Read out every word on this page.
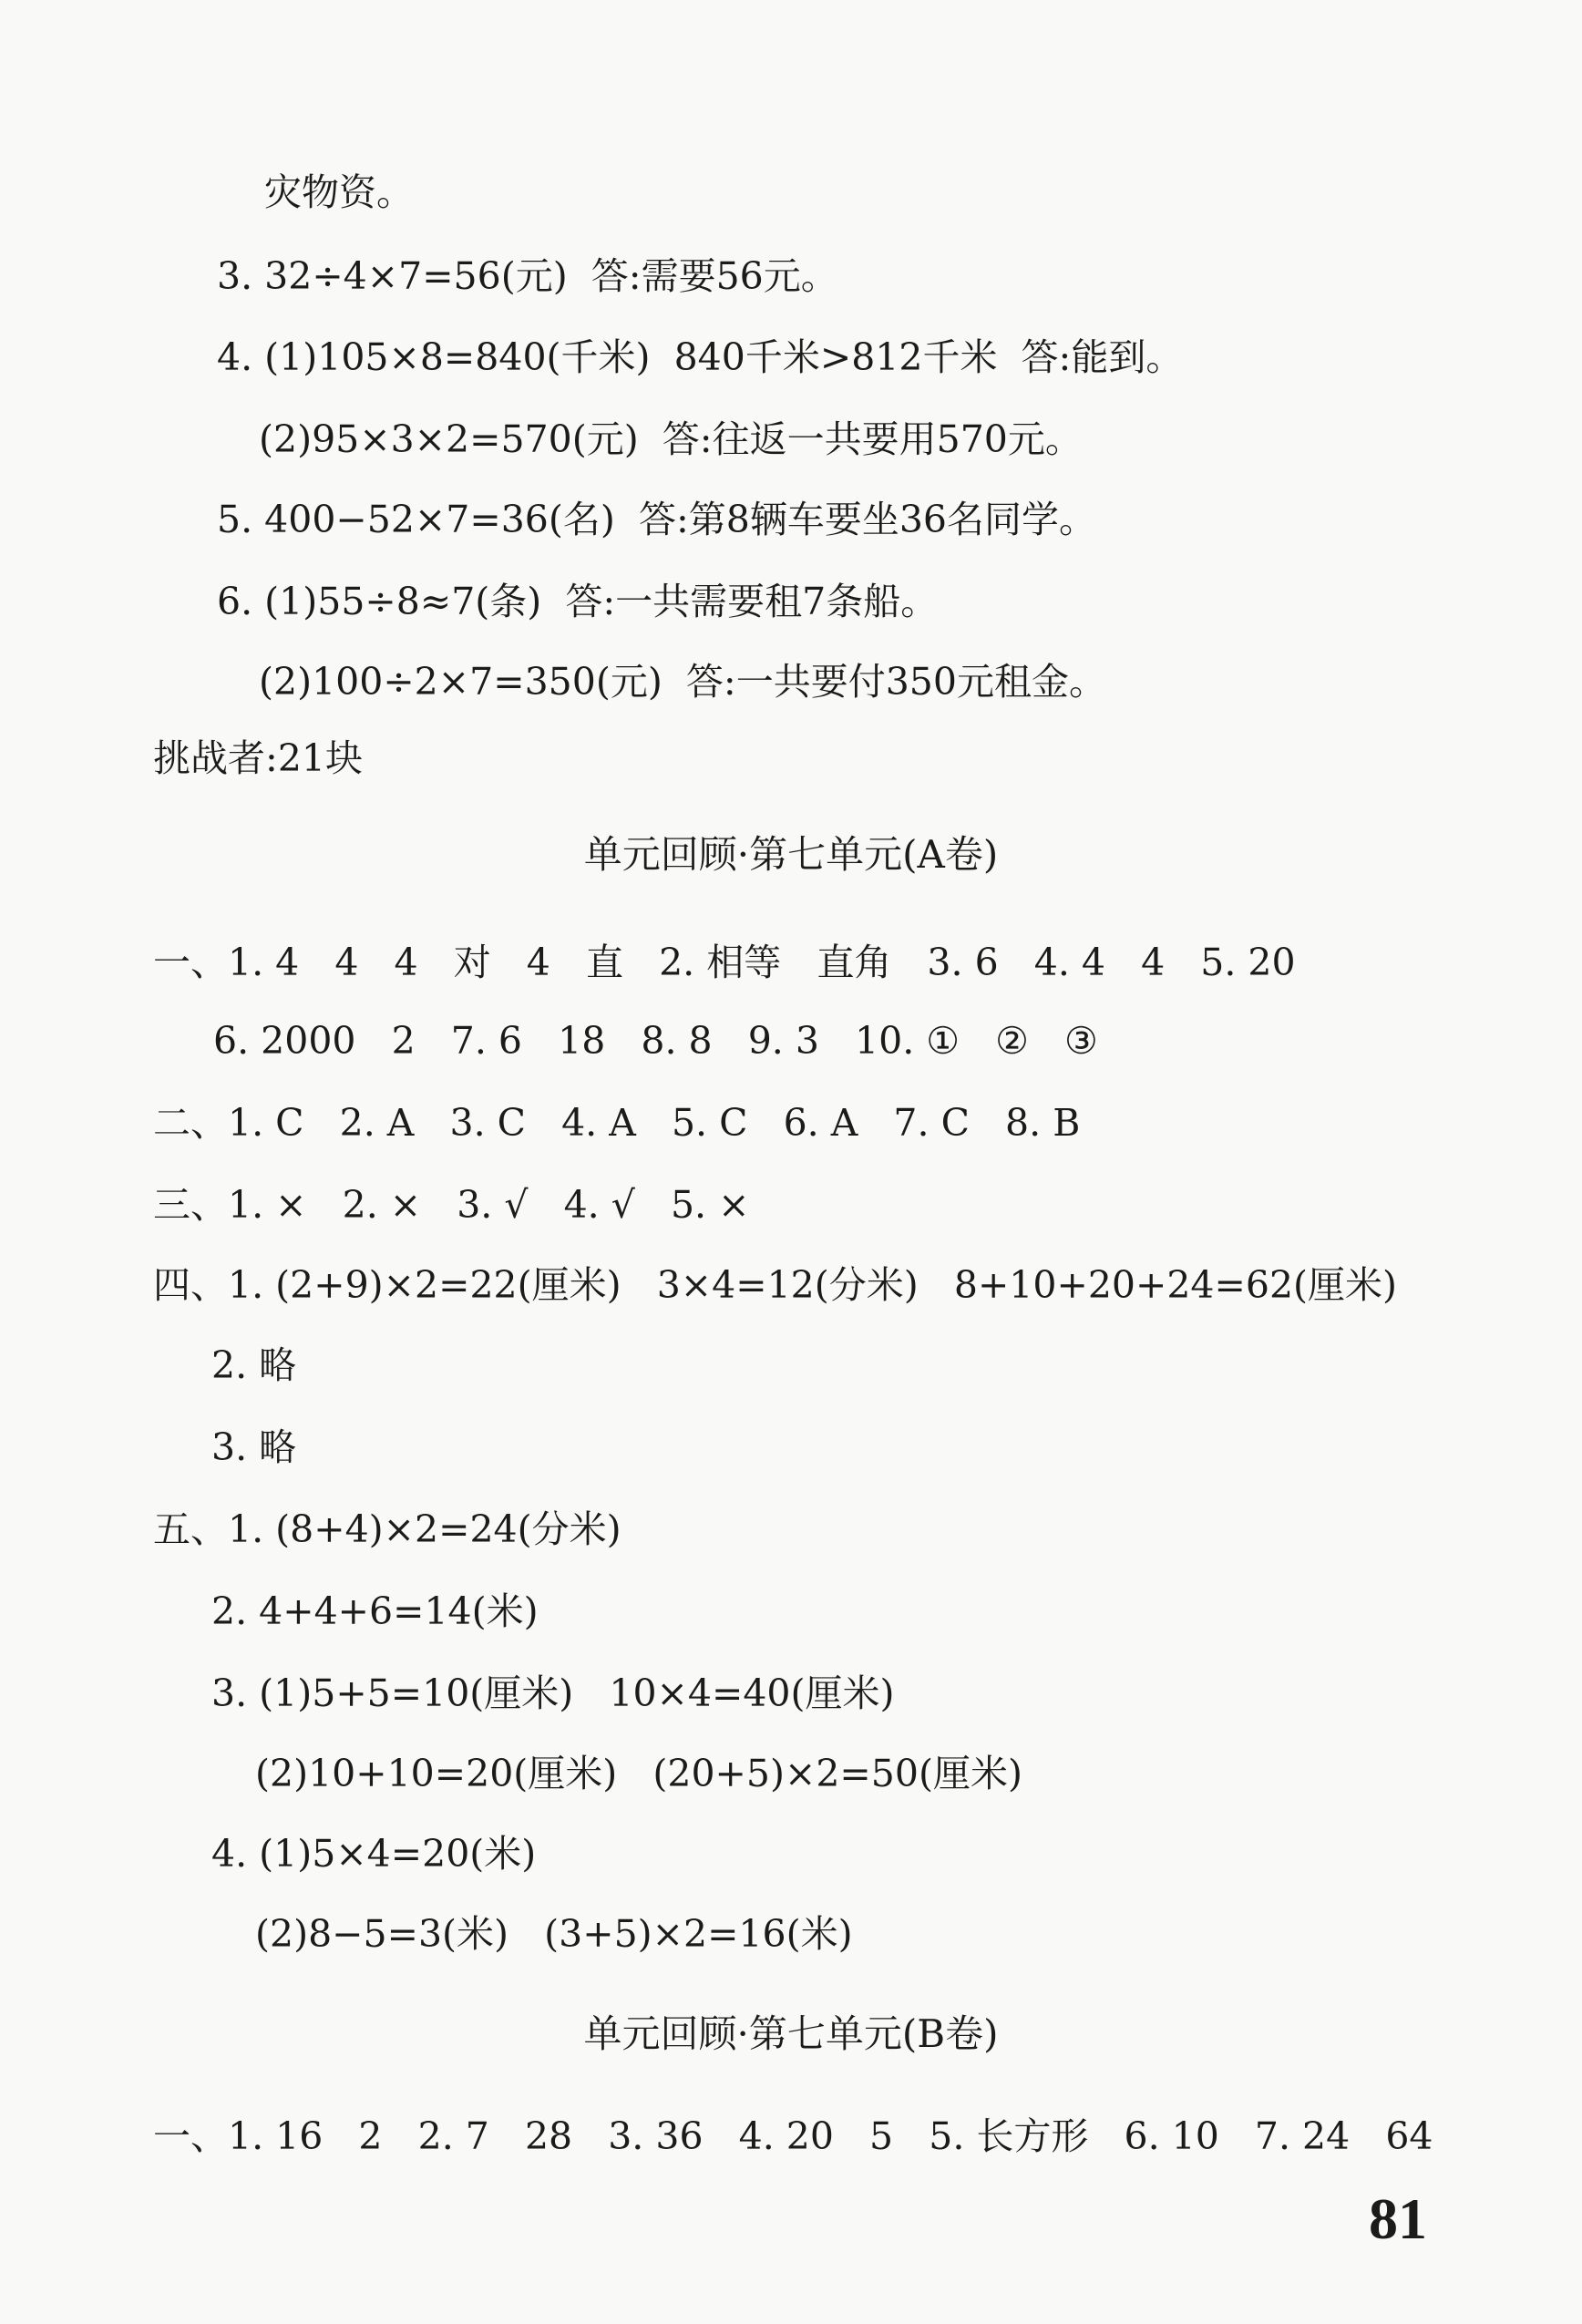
灾物资。
3. 32÷4×7=56(元)  答:需要56元。
4. (1)105×8=840(千米)  840千米>812千米  答:能到。
(2)95×3×2=570(元)  答:往返一共要用570元。
5. 400−52×7=36(名)  答:第8辆车要坐36名同学。
6. (1)55÷8≈7(条)  答:一共需要租7条船。
(2)100÷2×7=350(元)  答:一共要付350元租金。
挑战者:21块
单元回顾·第七单元(A卷)
一、1. 4   4   4   对   4   直   2. 相等   直角   3. 6   4. 4   4   5. 20
6. 2000   2   7. 6   18   8. 8   9. 3   10. ①   ②   ③
二、1. C   2. A   3. C   4. A   5. C   6. A   7. C   8. B
三、1. ×   2. ×   3. √   4. √   5. ×
四、1. (2+9)×2=22(厘米)   3×4=12(分米)   8+10+20+24=62(厘米)
2. 略
3. 略
五、1. (8+4)×2=24(分米)
2. 4+4+6=14(米)
3. (1)5+5=10(厘米)   10×4=40(厘米)
(2)10+10=20(厘米)   (20+5)×2=50(厘米)
4. (1)5×4=20(米)
(2)8−5=3(米)   (3+5)×2=16(米)
单元回顾·第七单元(B卷)
一、1. 16   2   2. 7   28   3. 36   4. 20   5   5. 长方形   6. 10   7. 24   64
81
